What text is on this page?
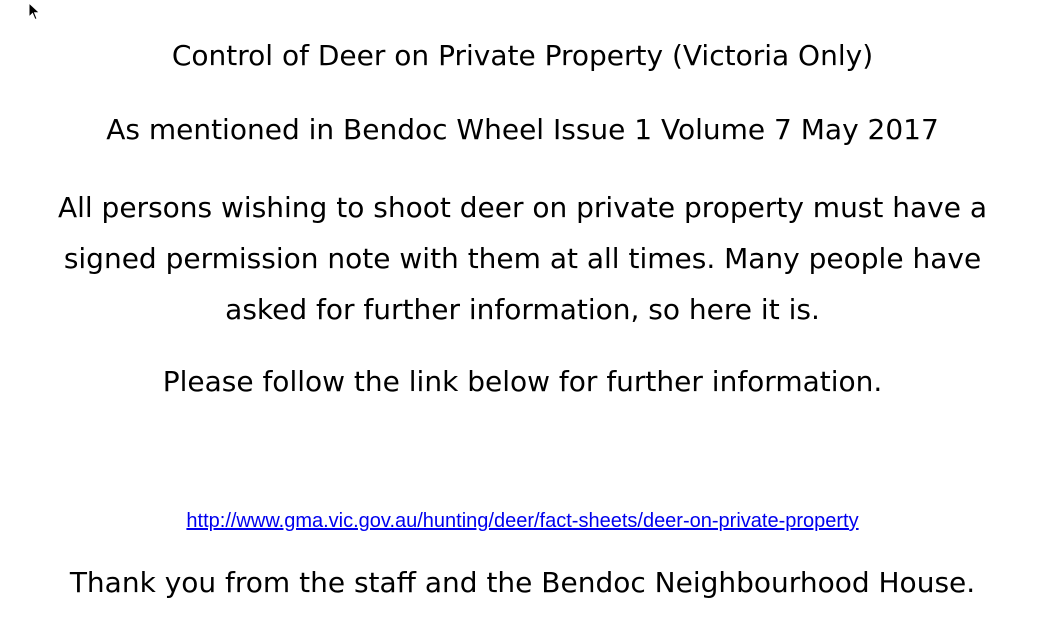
Control of Deer on Private Property (Victoria Only)
As mentioned in Bendoc Wheel Issue 1 Volume 7 May 2017
All persons wishing to shoot deer on private property must have a
signed permission note with them at all times. Many people have
asked for further information, so here it is.
Please follow the link below for further information.
http://www.gma.vic.gov.au/hunting/deer/fact-sheets/deer-on-private-property
Thank you from the staff and the Bendoc Neighbourhood House.
